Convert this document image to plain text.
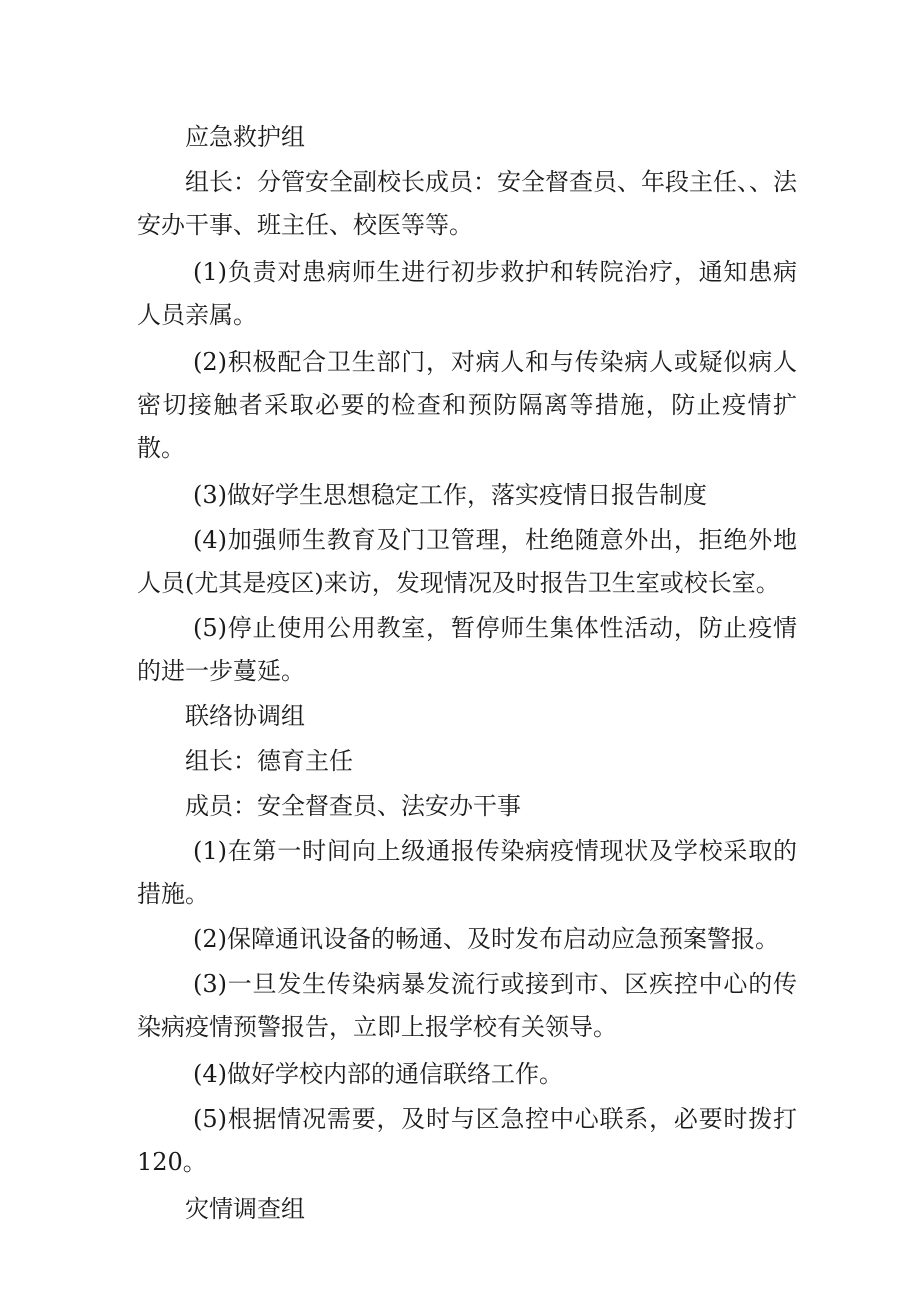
应急救护组

组长：分管安全副校长成员：安全督查员、年段主任、、法安办干事、班主任、校医等等。

(1)负责对患病师生进行初步救护和转院治疗，通知患病人员亲属。

(2)积极配合卫生部门，对病人和与传染病人或疑似病人密切接触者采取必要的检查和预防隔离等措施，防止疫情扩散。

(3)做好学生思想稳定工作，落实疫情日报告制度

(4)加强师生教育及门卫管理，杜绝随意外出，拒绝外地人员(尤其是疫区)来访，发现情况及时报告卫生室或校长室。

(5)停止使用公用教室，暂停师生集体性活动，防止疫情的进一步蔓延。

联络协调组

组长：德育主任

成员：安全督查员、法安办干事

(1)在第一时间向上级通报传染病疫情现状及学校采取的措施。

(2)保障通讯设备的畅通、及时发布启动应急预案警报。

(3)一旦发生传染病暴发流行或接到市、区疾控中心的传染病疫情预警报告，立即上报学校有关领导。

(4)做好学校内部的通信联络工作。

(5)根据情况需要，及时与区急控中心联系，必要时拨打120。

灾情调查组
